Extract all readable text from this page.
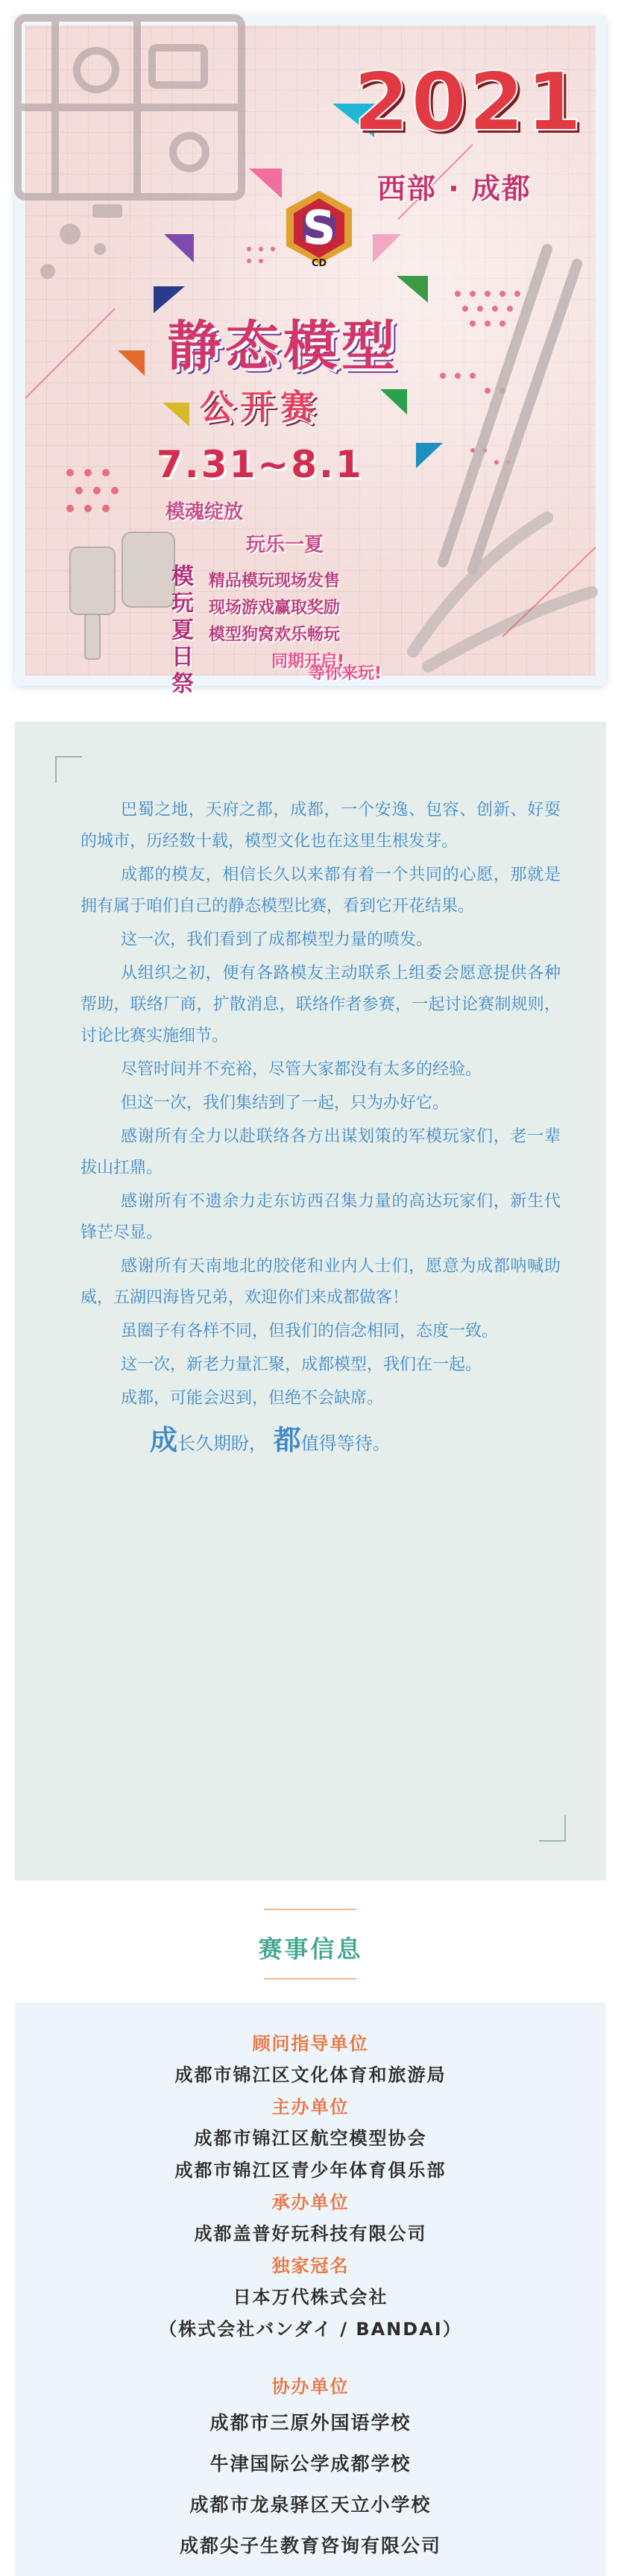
2021
西部 · 成都
S
CD
静态模型
公开赛
7.31~8.1
模魂绽放
玩乐一夏
模玩夏日祭
精品模玩现场发售
现场游戏赢取奖励
模型狗窝欢乐畅玩
同期开启!
等你来玩!

巴蜀之地，天府之都，成都，一个安逸、包容、创新、好耍的城市，历经数十载，模型文化也在这里生根发芽。

成都的模友，相信长久以来都有着一个共同的心愿，那就是拥有属于咱们自己的静态模型比赛，看到它开花结果。

这一次，我们看到了成都模型力量的喷发。

从组织之初，便有各路模友主动联系上组委会愿意提供各种帮助，联络厂商，扩散消息，联络作者参赛，一起讨论赛制规则，讨论比赛实施细节。

尽管时间并不充裕，尽管大家都没有太多的经验。

但这一次，我们集结到了一起，只为办好它。

感谢所有全力以赴联络各方出谋划策的军模玩家们，老一辈拔山扛鼎。

感谢所有不遗余力走东访西召集力量的高达玩家们，新生代锋芒尽显。

感谢所有天南地北的胶佬和业内人士们，愿意为成都呐喊助威，五湖四海皆兄弟，欢迎你们来成都做客！

虽圈子有各样不同，但我们的信念相同，态度一致。

这一次，新老力量汇聚，成都模型，我们在一起。

成都，可能会迟到，但绝不会缺席。

成长久期盼， 都值得等待。

赛事信息
顾问指导单位
成都市锦江区文化体育和旅游局
主办单位
成都市锦江区航空模型协会
成都市锦江区青少年体育俱乐部
承办单位
成都盖普好玩科技有限公司
独家冠名
日本万代株式会社
（株式会社バンダイ / BANDAI）
协办单位
成都市三原外国语学校
牛津国际公学成都学校
成都市龙泉驿区天立小学校
成都尖子生教育咨询有限公司
